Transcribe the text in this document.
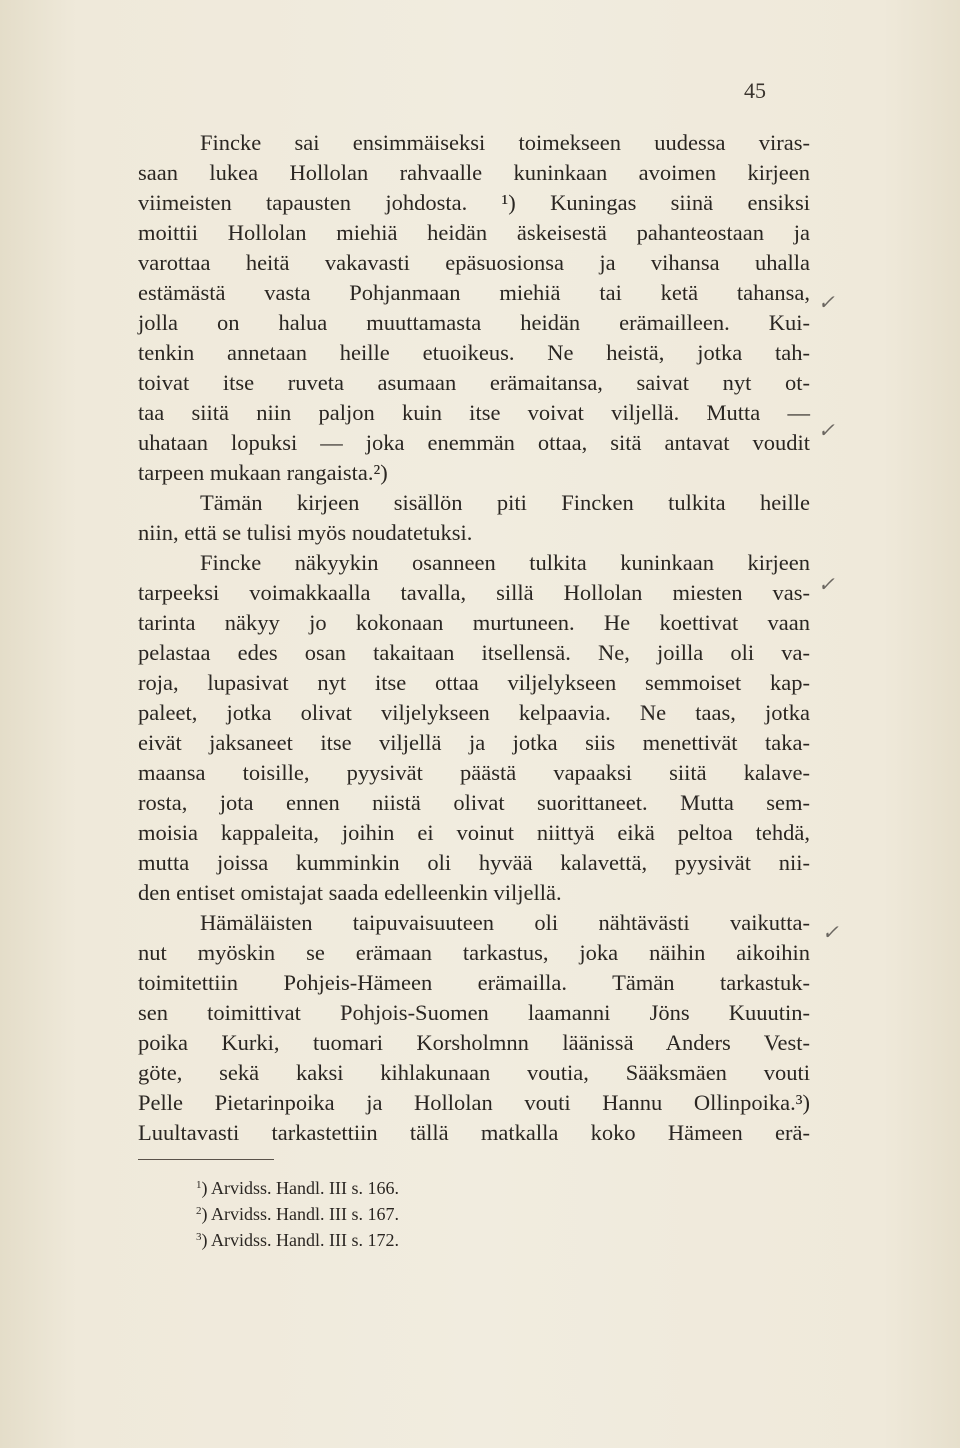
45
Fincke sai ensimmäiseksi toimekseen uudessa viras-
saan lukea Hollolan rahvaalle kuninkaan avoimen kirjeen
viimeisten tapausten johdosta. ¹) Kuningas siinä ensiksi
moittii Hollolan miehiä heidän äskeisestä pahanteostaan ja
varottaa heitä vakavasti epäsuosionsa ja vihansa uhalla
estämästä vasta Pohjanmaan miehiä tai ketä tahansa,
jolla on halua muuttamasta heidän erämailleen. Kui-
tenkin annetaan heille etuoikeus. Ne heistä, jotka tah-
toivat itse ruveta asumaan erämaitansa, saivat nyt ot-
taa siitä niin paljon kuin itse voivat viljellä. Mutta —
uhataan lopuksi — joka enemmän ottaa, sitä antavat voudit
tarpeen mukaan rangaista.²)
Tämän kirjeen sisällön piti Fincken tulkita heille
niin, että se tulisi myös noudatetuksi.
Fincke näkyykin osanneen tulkita kuninkaan kirjeen
tarpeeksi voimakkaalla tavalla, sillä Hollolan miesten vas-
tarinta näkyy jo kokonaan murtuneen. He koettivat vaan
pelastaa edes osan takaitaan itsellensä. Ne, joilla oli va-
roja, lupasivat nyt itse ottaa viljelykseen semmoiset kap-
paleet, jotka olivat viljelykseen kelpaavia. Ne taas, jotka
eivät jaksaneet itse viljellä ja jotka siis menettivät taka-
maansa toisille, pyysivät päästä vapaaksi siitä kalave-
rosta, jota ennen niistä olivat suorittaneet. Mutta sem-
moisia kappaleita, joihin ei voinut niittyä eikä peltoa tehdä,
mutta joissa kumminkin oli hyvää kalavettä, pyysivät nii-
den entiset omistajat saada edelleenkin viljellä.
Hämäläisten taipuvaisuuteen oli nähtävästi vaikutta-
nut myöskin se erämaan tarkastus, joka näihin aikoihin
toimitettiin Pohjeis-Hämeen erämailla. Tämän tarkastuk-
sen toimittivat Pohjois-Suomen laamanni Jöns Kuuutin-
poika Kurki, tuomari Korsholmnn läänissä Anders Vest-
göte, sekä kaksi kihlakunaan voutia, Sääksmäen vouti
Pelle Pietarinpoika ja Hollolan vouti Hannu Ollinpoika.³)
Luultavasti tarkastettiin tällä matkalla koko Hämeen erä-
$^1$) Arvidss. Handl. III s. 166.
$^2$) Arvidss. Handl. III s. 167.
$^3$) Arvidss. Handl. III s. 172.
✓
✓
✓
✓
